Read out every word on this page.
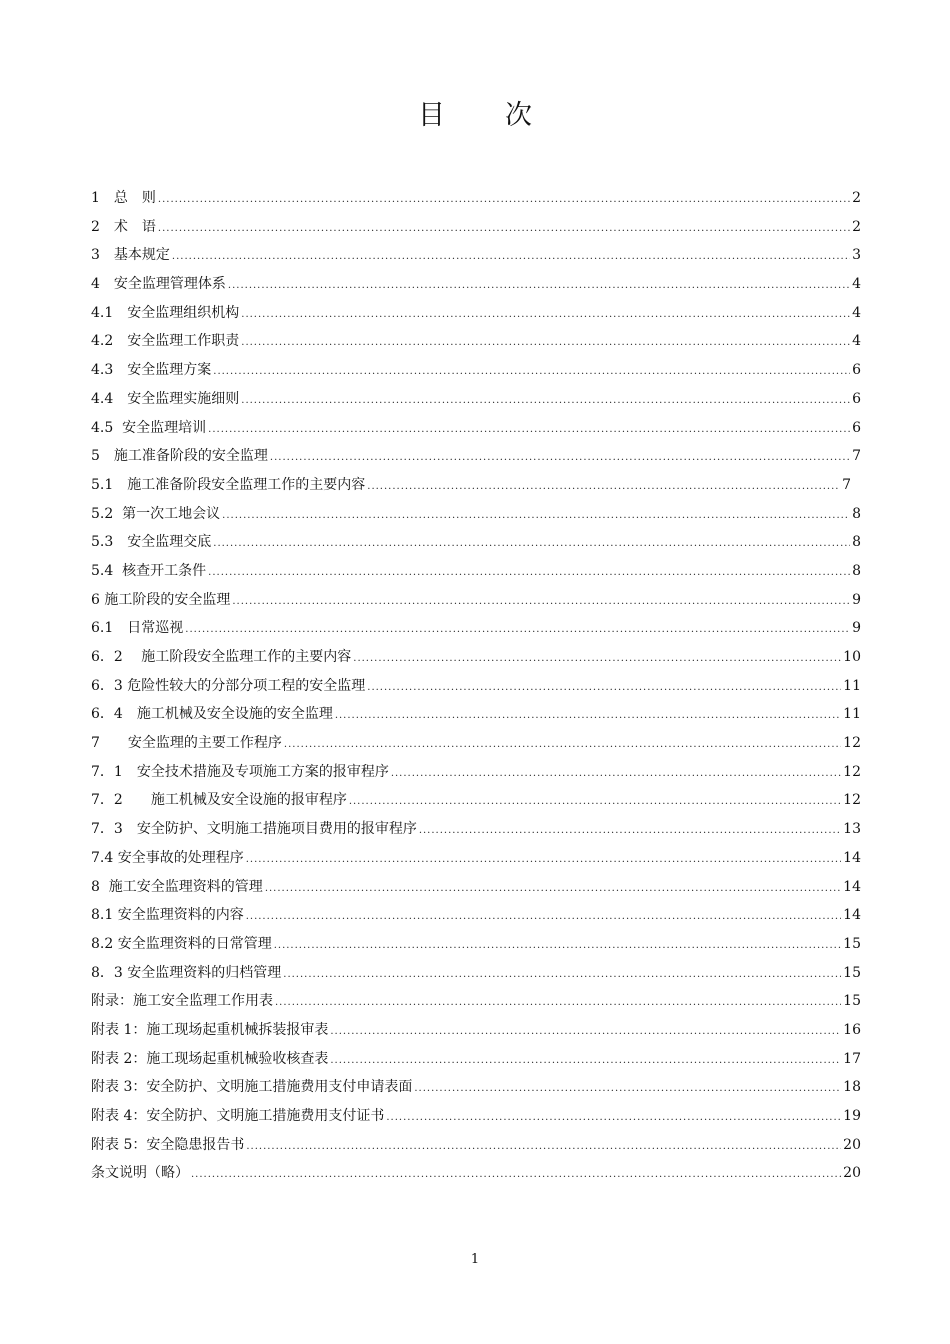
目 次
1　总　则 .....	2
2　术　语 .....	2
3　基本规定 .....	3
4　安全监理管理体系 .....	4
4.1　安全监理组织机构 .....	4
4.2　安全监理工作职责 .....	4
4.3　安全监理方案 .....	6
4.4　安全监理实施细则 .....	6
4.5  安全监理培训 .....	6
5　施工准备阶段的安全监理 .....	7
5.1　施工准备阶段安全监理工作的主要内容 .....	7
5.2  第一次工地会议 .....	8
5.3　安全监理交底 .....	8
5.4  核查开工条件 .....	8
6 施工阶段的安全监理 .....	9
6.1　日常巡视 .....	9
6．2　 施工阶段安全监理工作的主要内容 .....	10
6．3 危险性较大的分部分项工程的安全监理 .....	11
6．4　施工机械及安全设施的安全监理 .....	11
7　　安全监理的主要工作程序 .....	12
7．1　安全技术措施及专项施工方案的报审程序 .....	12
7．2　　施工机械及安全设施的报审程序 .....	12
7．3　安全防护、文明施工措施项目费用的报审程序 .....	13
7.4 安全事故的处理程序 .....	14
8  施工安全监理资料的管理 .....	14
8.1 安全监理资料的内容 .....	14
8.2 安全监理资料的日常管理 .....	15
8．3 安全监理资料的归档管理 .....	15
附录：施工安全监理工作用表 .....	15
附表 1：施工现场起重机械拆装报审表 .....	16
附表 2：施工现场起重机械验收核查表 .....	17
附表 3：安全防护、文明施工措施费用支付申请表面 .....	18
附表 4：安全防护、文明施工措施费用支付证书 .....	19
附表 5：安全隐患报告书 .....	20
条文说明（略） .....	20
1
